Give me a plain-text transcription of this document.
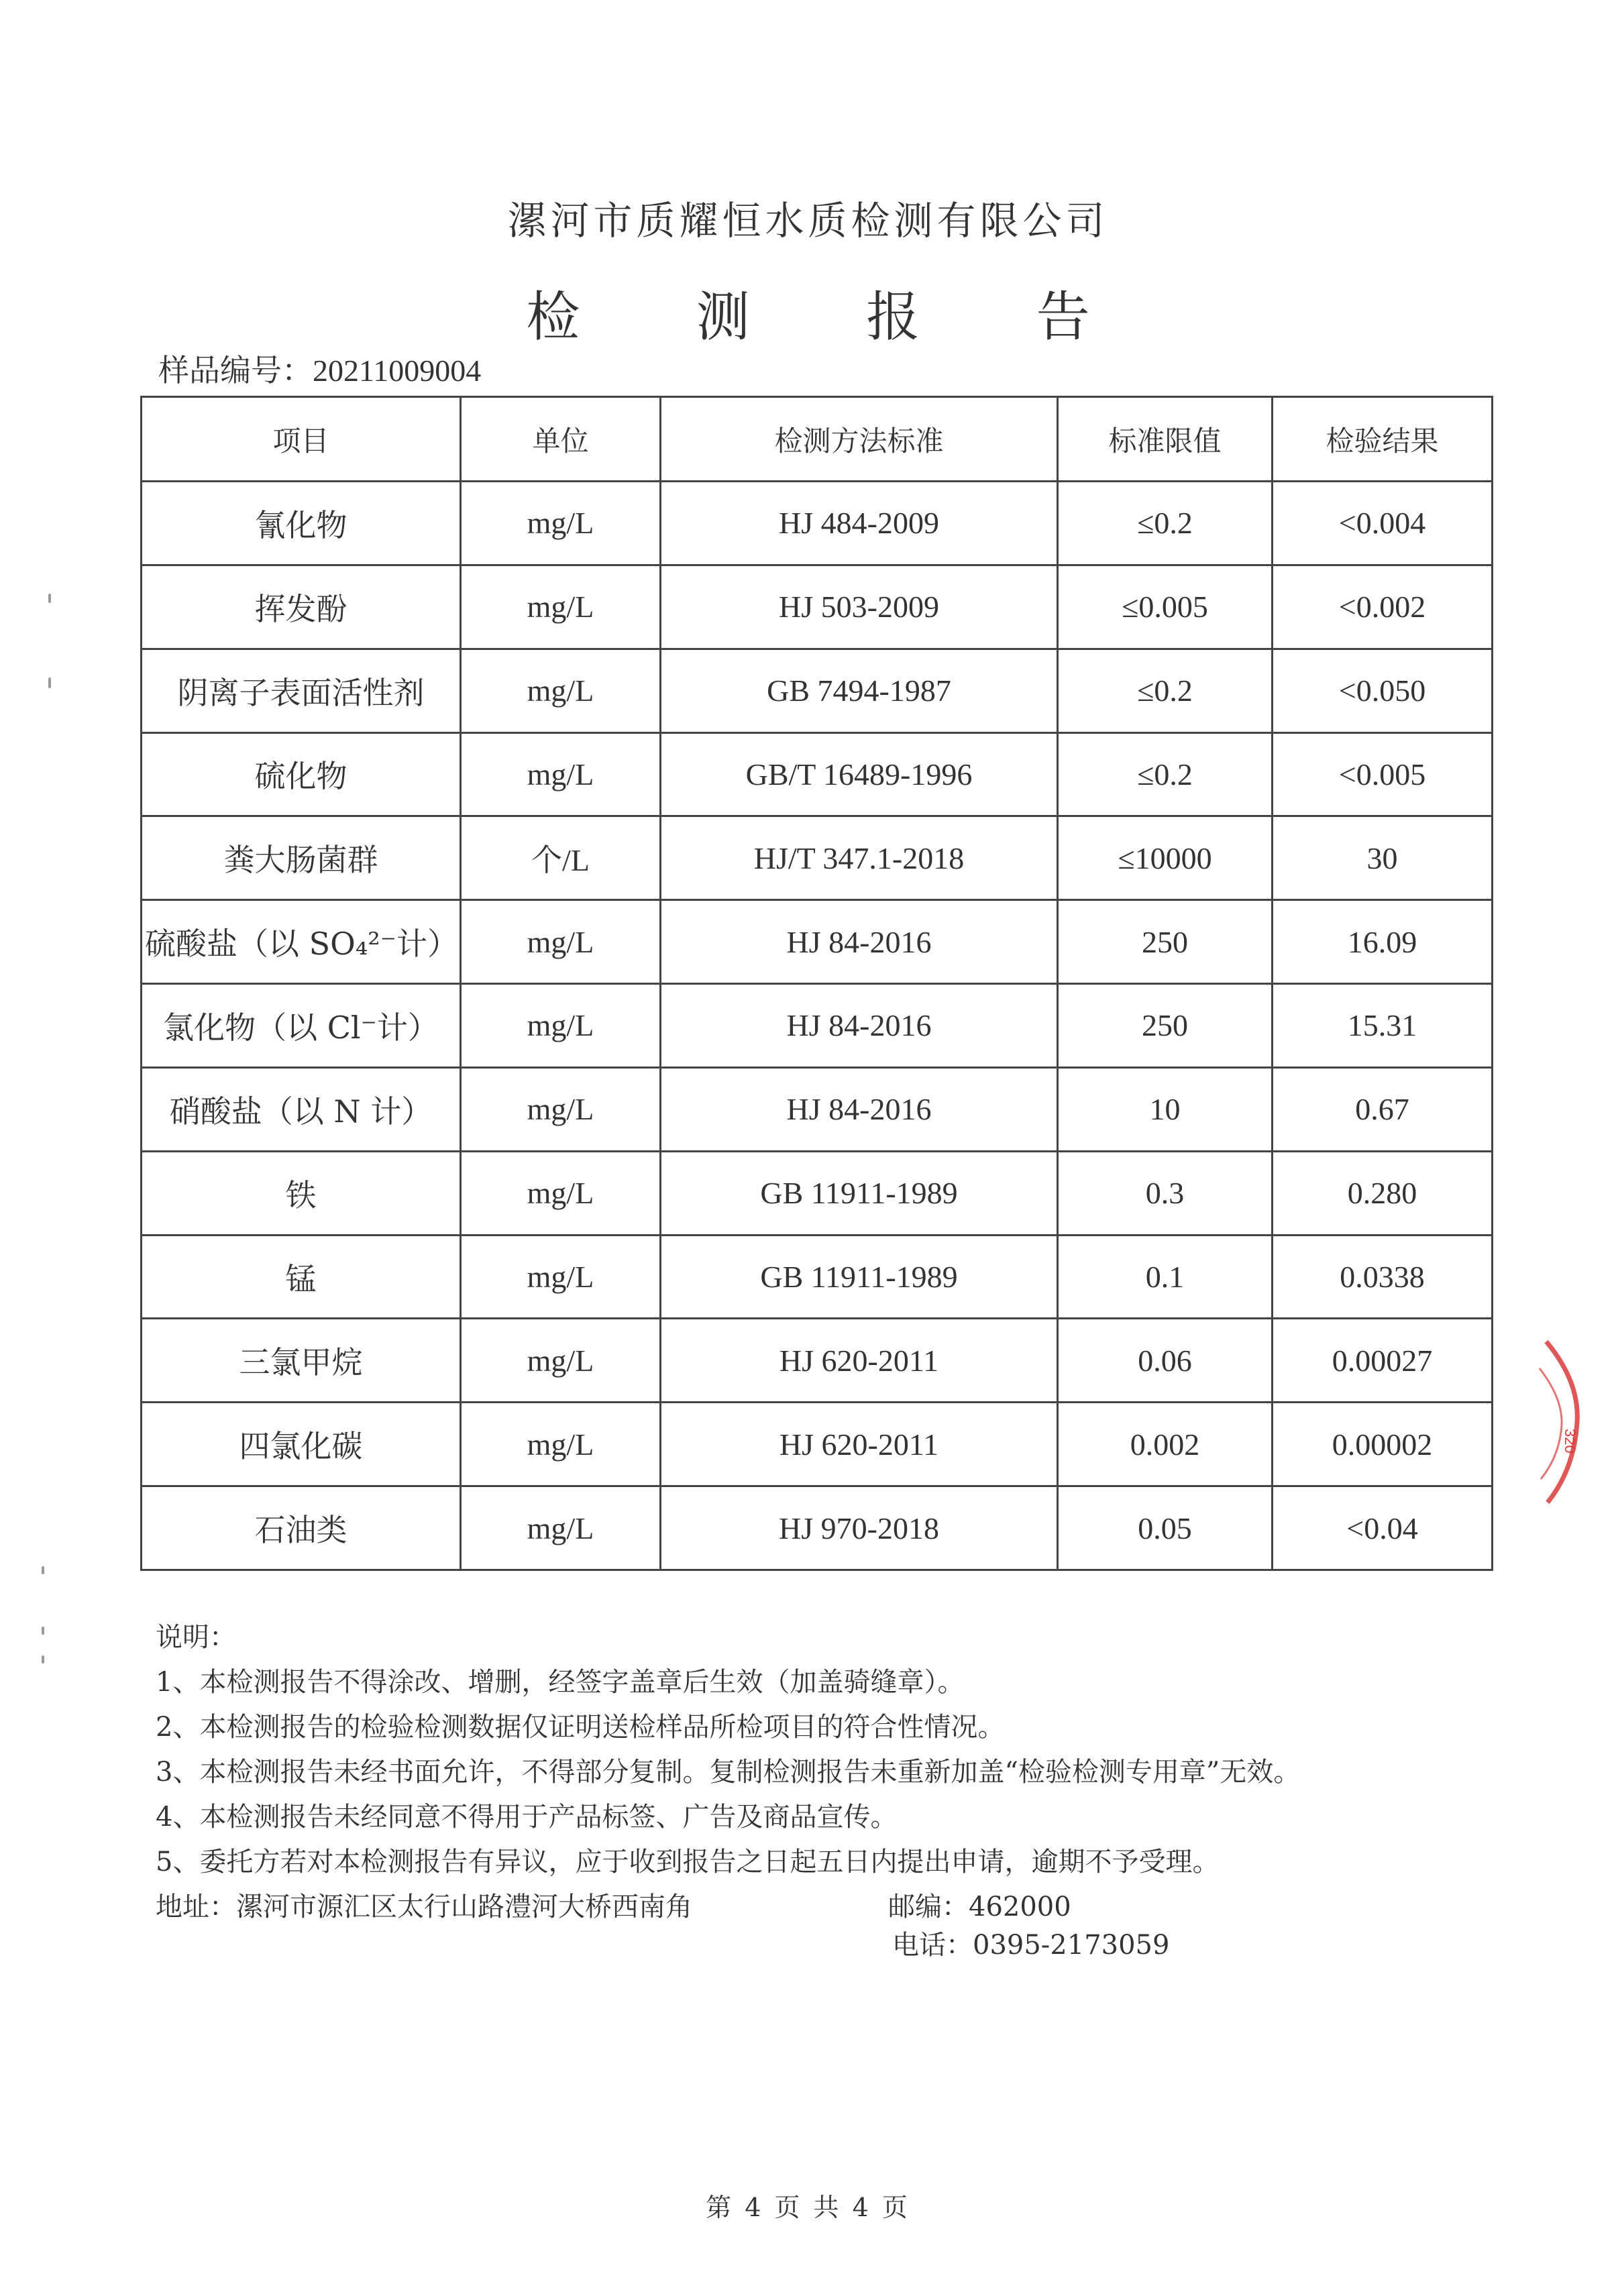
漯河市质耀恒水质检测有限公司
检 测 报 告
样品编号：20211009004
项目	单位	检测方法标准	标准限值	检验结果
氰化物	mg/L	HJ 484-2009	≤0.2	<0.004
挥发酚	mg/L	HJ 503-2009	≤0.005	<0.002
阴离子表面活性剂	mg/L	GB 7494-1987	≤0.2	<0.050
硫化物	mg/L	GB/T 16489-1996	≤0.2	<0.005
粪大肠菌群	个/L	HJ/T 347.1-2018	≤10000	30
硫酸盐（以 SO₄²⁻计）	mg/L	HJ 84-2016	250	16.09
氯化物（以 Cl⁻计）	mg/L	HJ 84-2016	250	15.31
硝酸盐（以 N 计）	mg/L	HJ 84-2016	10	0.67
铁	mg/L	GB 11911-1989	0.3	0.280
锰	mg/L	GB 11911-1989	0.1	0.0338
三氯甲烷	mg/L	HJ 620-2011	0.06	0.00027
四氯化碳	mg/L	HJ 620-2011	0.002	0.00002
石油类	mg/L	HJ 970-2018	0.05	<0.04
说明：
1、本检测报告不得涂改、增删，经签字盖章后生效（加盖骑缝章）。
2、本检测报告的检验检测数据仅证明送检样品所检项目的符合性情况。
3、本检测报告未经书面允许，不得部分复制。复制检测报告未重新加盖“检验检测专用章”无效。
4、本检测报告未经同意不得用于产品标签、广告及商品宣传。
5、委托方若对本检测报告有异议，应于收到报告之日起五日内提出申请，逾期不予受理。
地址：漯河市源汇区太行山路澧河大桥西南角	邮编：462000
电话：0395-2173059
第 4 页 共 4 页
320
